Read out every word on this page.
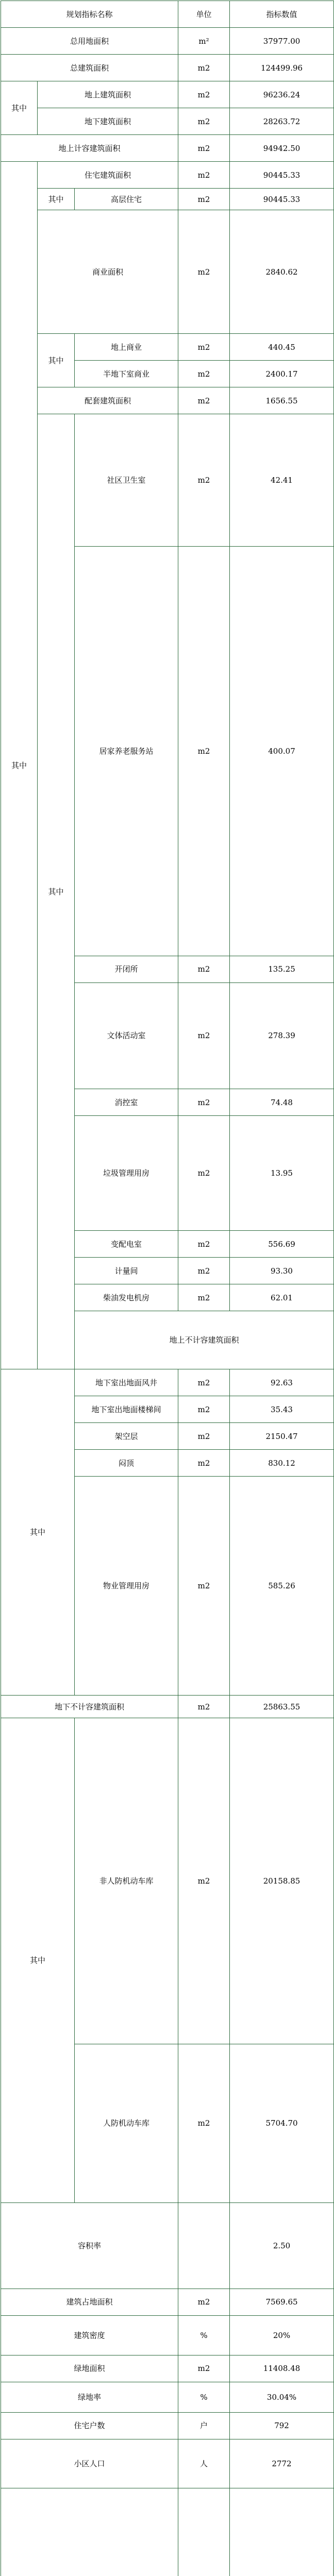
规划指标名称			单位	指标数值	
总用地面积			m²	37977.00	
总建筑面积			m2	124499.96	
其中	地上建筑面积		m2	96236.24	
	地下建筑面积		m2	28263.72	
地上计容建筑面积			m2	94942.50	
其中	住宅建筑面积		m2	90445.33	
	其中	高层住宅	m2	90445.33	
	商业面积		m2	2840.62	
	其中	地上商业	m2	440.45	
		半地下室商业	m2	2400.17	
	配套建筑面积		m2	1656.55	
	其中	社区卫生室	m2	42.41	
		居家养老服务站	m2	400.07	
		开闭所	m2	135.25	
		文体活动室	m2	278.39	
		消控室	m2	74.48	
		垃圾管理用房	m2	13.95	
		变配电室	m2	556.69	
		计量间	m2	93.30	
		柴油发电机房	m2	62.01	
		地上不计容建筑面积			
其中		地下室出地面风井	m2	92.63	
		地下室出地面楼梯间	m2	35.43	
		架空层	m2	2150.47	
		闷顶	m2	830.12	
		物业管理用房	m2	585.26	
地下不计容建筑面积			m2	25863.55	
其中		非人防机动车库	m2	20158.85	
		人防机动车库	m2	5704.70	
容积率				2.50	
建筑占地面积			m2	7569.65	
建筑密度			%	20%	
绿地面积			m2	11408.48	
绿地率			%	30.04%	
住宅户数			户	792	
小区人口			人	2772	
